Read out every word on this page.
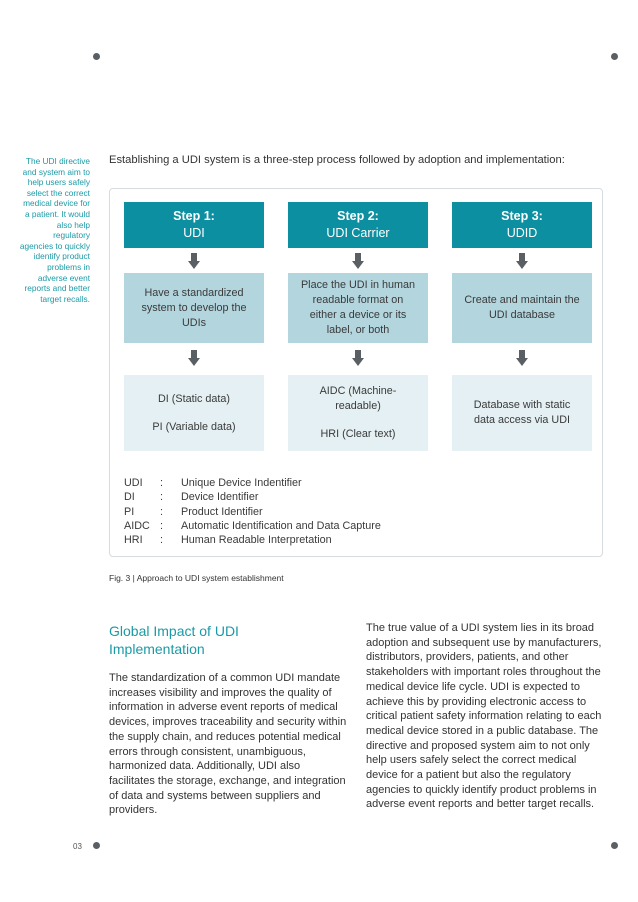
The UDI directive and system aim to help users safely select the correct medical device for a patient. It would also help regulatory agencies to quickly identify product problems in adverse event reports and better target recalls.
Establishing a UDI system is a three-step process followed by adoption and implementation:
Step 1:
UDI
Step 2:
UDI Carrier
Step 3:
UDID
Have a standardized system to develop the UDIs
Place the UDI in human readable format on either a device or its label, or both
Create and maintain the UDI database
DI (Static data)
PI (Variable data)
AIDC (Machine-readable)
HRI (Clear text)
Database with static data access via UDI
UDI	:	Unique Device Indentifier
DI	:	Device Identifier
PI	:	Product Identifier
AIDC :	Automatic Identification and Data Capture
HRI	:	Human Readable Interpretation
Fig. 3 | Approach to UDI system establishment
Global Impact of UDI Implementation
The standardization of a common UDI mandate increases visibility and improves the quality of information in adverse event reports of medical devices, improves traceability and security within the supply chain, and reduces potential medical errors through consistent, unambiguous, harmonized data. Additionally, UDI also facilitates the storage, exchange, and integration of data and systems between suppliers and providers.
The true value of a UDI system lies in its broad adoption and subsequent use by manufacturers, distributors, providers, patients, and other stakeholders with important roles throughout the medical device life cycle. UDI is expected to achieve this by providing electronic access to critical patient safety information relating to each medical device stored in a public database. The directive and proposed system aim to not only help users safely select the correct medical device for a patient but also the regulatory agencies to quickly identify product problems in adverse event reports and better target recalls.
03
